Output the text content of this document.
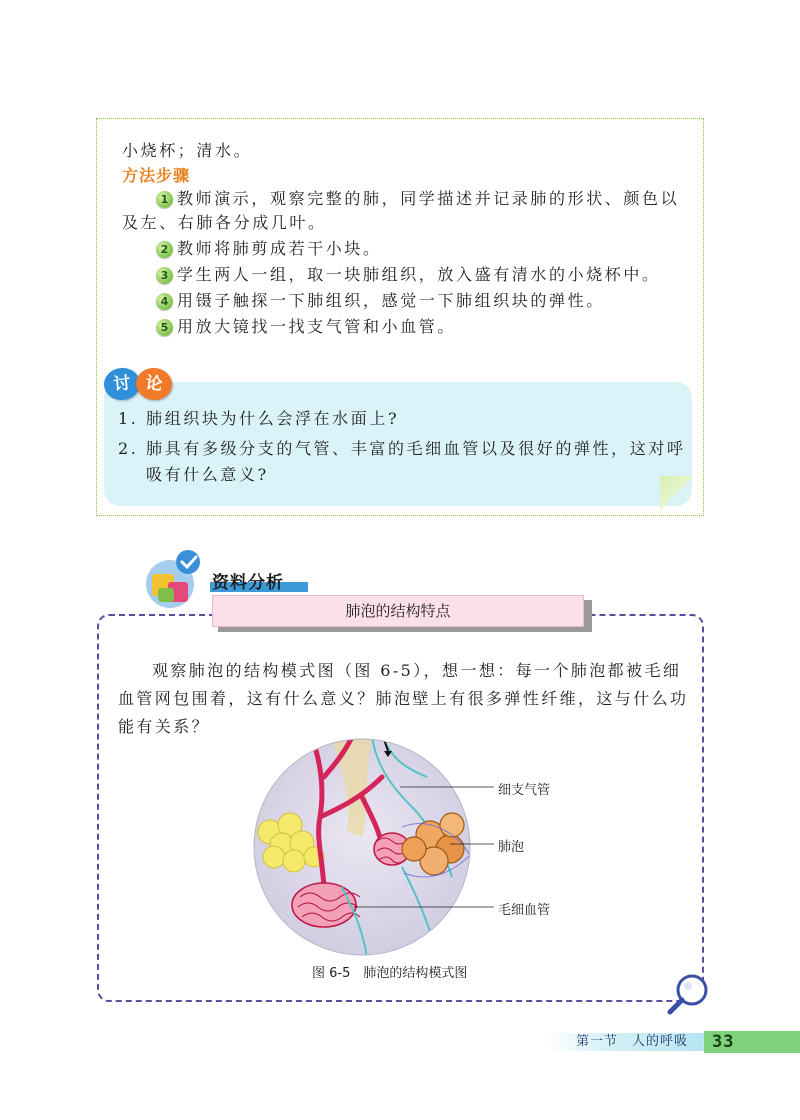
小烧杯；清水。
方法步骤
1 教师演示，观察完整的肺，同学描述并记录肺的形状、颜色以
及左、右肺各分成几叶。
2 教师将肺剪成若干小块。
3 学生两人一组，取一块肺组织，放入盛有清水的小烧杯中。
4 用镊子触探一下肺组织，感觉一下肺组织块的弹性。
5 用放大镜找一找支气管和小血管。
讨 论
1. 肺组织块为什么会浮在水面上?
2. 肺具有多级分支的气管、丰富的毛细血管以及很好的弹性，这对呼
吸有什么意义?
资料分析
肺泡的结构特点
观察肺泡的结构模式图（图 6-5），想一想：每一个肺泡都被毛细
血管网包围着，这有什么意义？肺泡壁上有很多弹性纤维，这与什么功
能有关系？
细支气管
肺泡
毛细血管
图 6-5　肺泡的结构模式图
第一节　人的呼吸	33
